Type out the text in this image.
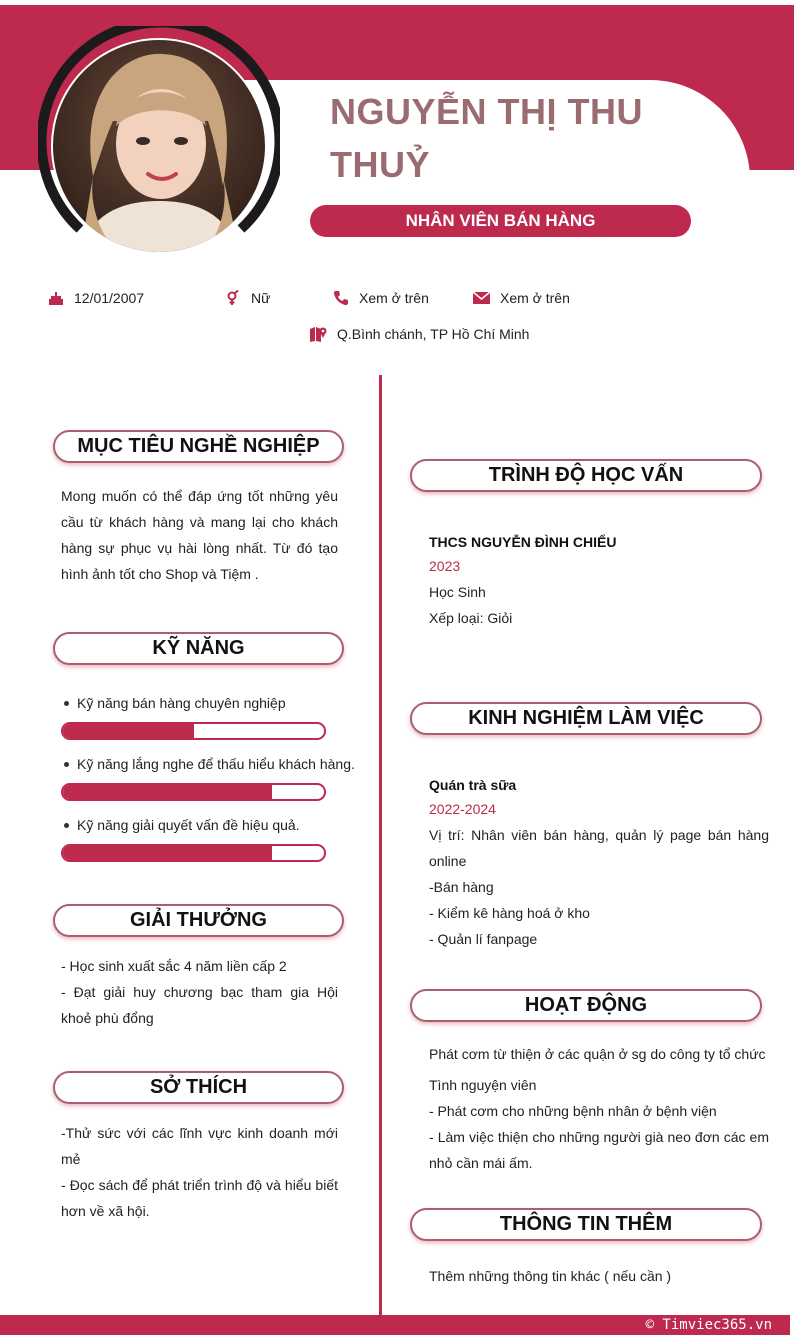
NGUYỄN THỊ THU THUỶ
NHÂN VIÊN BÁN HÀNG
12/01/2007	Nữ	Xem ở trên	Xem ở trên
Q.Bình chánh, TP Hồ Chí Minh
MỤC TIÊU NGHỀ NGHIỆP
Mong muốn có thể đáp ứng tốt những yêu cầu từ khách hàng và mang lại cho khách hàng sự phục vụ hài lòng nhất. Từ đó tạo hình ảnh tốt cho Shop và Tiệm .
KỸ NĂNG
Kỹ năng bán hàng chuyên nghiệp
Kỹ năng lắng nghe để thấu hiểu khách hàng.
Kỹ năng giải quyết vấn đề hiệu quả.
GIẢI THƯỞNG
- Học sinh xuất sắc 4 năm liền cấp 2
- Đạt giải huy chương bạc tham gia Hội khoẻ phù đổng
SỞ THÍCH
-Thử sức với các lĩnh vực kinh doanh mới mẻ
- Đọc sách để phát triển trình độ và hiểu biết hơn về xã hội.
TRÌNH ĐỘ HỌC VẤN
THCS NGUYỄN ĐÌNH CHIỂU
2023
Học Sinh
Xếp loại: Giỏi
KINH NGHIỆM LÀM VIỆC
Quán trà sữa
2022-2024
Vị trí: Nhân viên bán hàng, quản lý page bán hàng online
-Bán hàng
- Kiểm kê hàng hoá ở kho
- Quản lí fanpage
HOẠT ĐỘNG
Phát cơm từ thiện ở các quận ở sg do công ty tổ chức
Tình nguyện viên
- Phát cơm cho những bệnh nhân ở bệnh viện
- Làm việc thiện cho những người già neo đơn các em nhỏ cần mái ấm.
THÔNG TIN THÊM
Thêm những thông tin khác ( nếu cần )
© Timviec365.vn
